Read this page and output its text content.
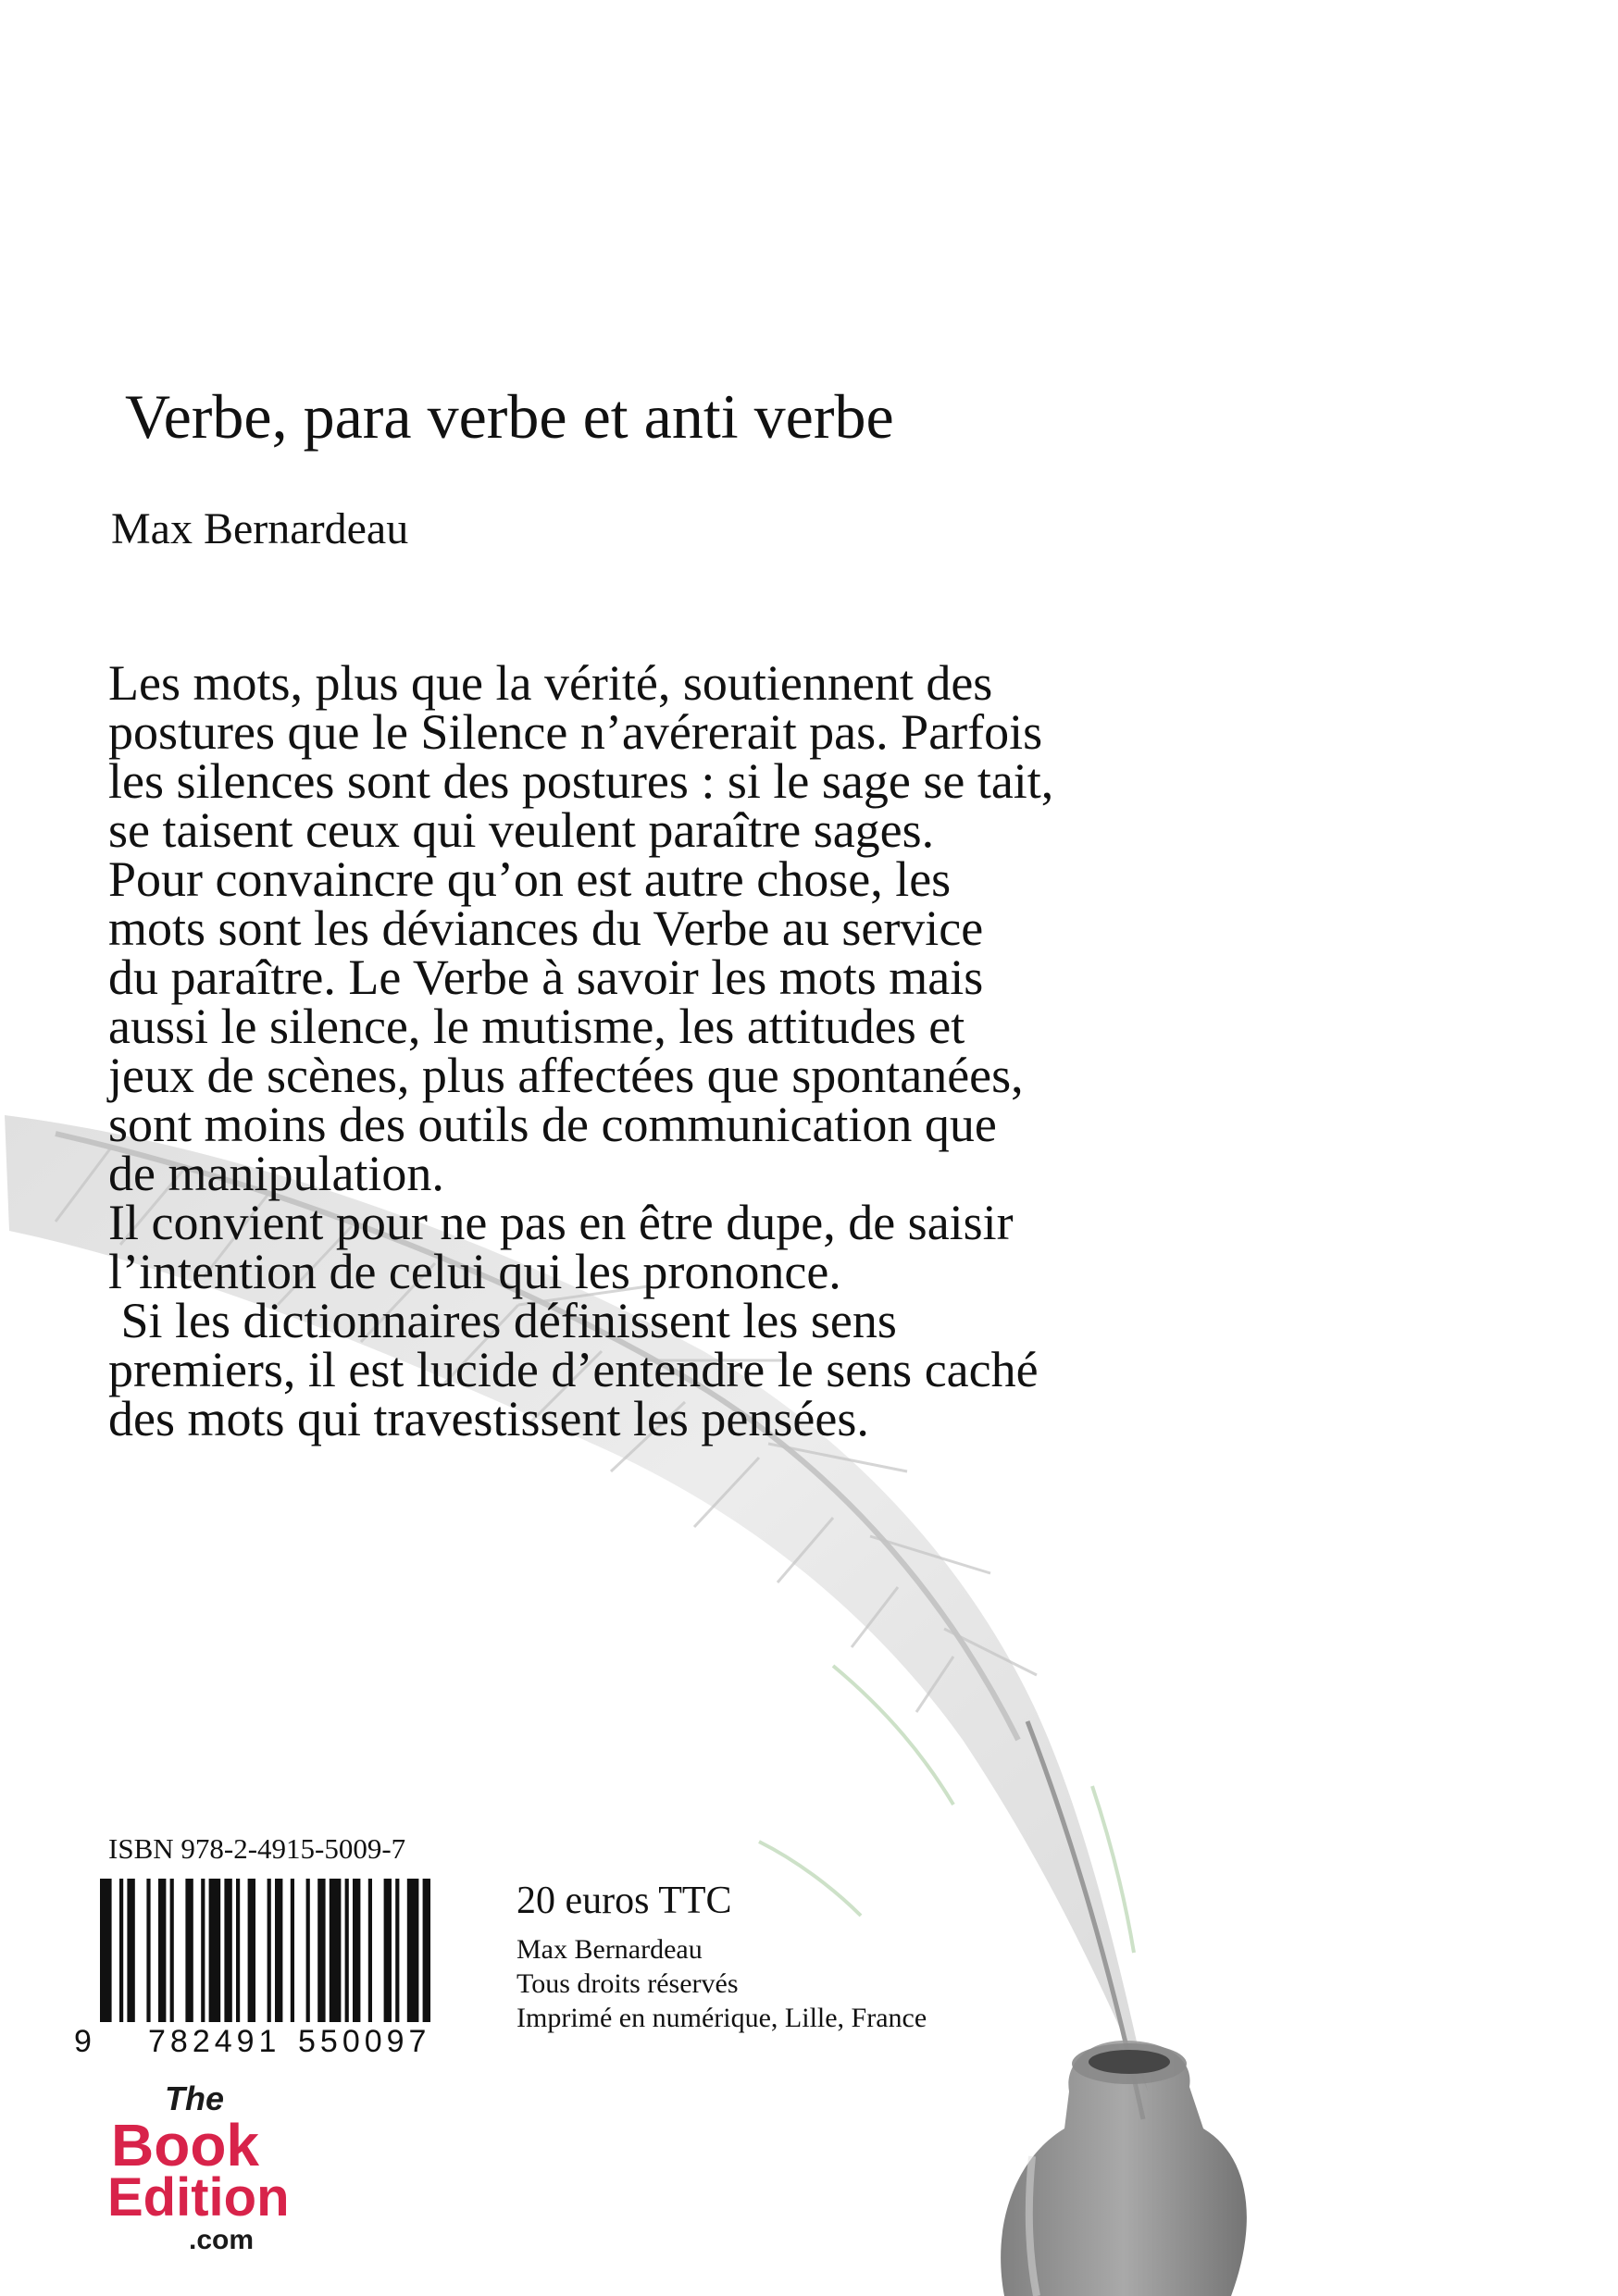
Verbe, para verbe et anti verbe
Max Bernardeau
Les mots, plus que la vérité, soutiennent des
postures que le Silence n’avérerait pas. Parfois
les silences sont des postures : si le sage se tait,
se taisent ceux qui veulent paraître sages.
Pour convaincre qu’on est autre chose, les
mots sont les déviances du Verbe au service
du paraître. Le Verbe à savoir les mots mais
aussi le silence, le mutisme, les attitudes et
jeux de scènes, plus affectées que spontanées,
sont moins des outils de communication que
de manipulation.
Il convient pour ne pas en être dupe, de saisir
l’intention de celui qui les prononce.
Si les dictionnaires définissent les sens
premiers, il est lucide d’entendre le sens caché
des mots qui travestissent les pensées.
ISBN 978-2-4915-5009-7
9 782491 550097
20 euros TTC
Max Bernardeau
Tous droits réservés
Imprimé en numérique, Lille, France
The
Book
Edition
.com
